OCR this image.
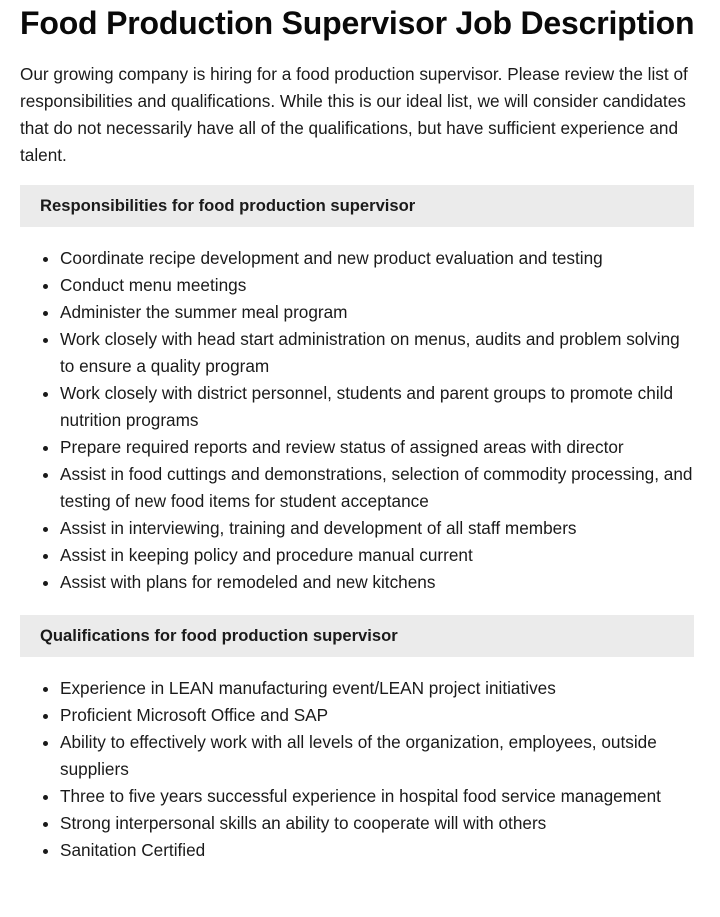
Food Production Supervisor Job Description

Our growing company is hiring for a food production supervisor. Please review the list of responsibilities and qualifications. While this is our ideal list, we will consider candidates that do not necessarily have all of the qualifications, but have sufficient experience and talent.

Responsibilities for food production supervisor
Coordinate recipe development and new product evaluation and testing
Conduct menu meetings
Administer the summer meal program
Work closely with head start administration on menus, audits and problem solving to ensure a quality program
Work closely with district personnel, students and parent groups to promote child nutrition programs
Prepare required reports and review status of assigned areas with director
Assist in food cuttings and demonstrations, selection of commodity processing, and testing of new food items for student acceptance
Assist in interviewing, training and development of all staff members
Assist in keeping policy and procedure manual current
Assist with plans for remodeled and new kitchens
Qualifications for food production supervisor
Experience in LEAN manufacturing event/LEAN project initiatives
Proficient Microsoft Office and SAP
Ability to effectively work with all levels of the organization, employees, outside suppliers
Three to five years successful experience in hospital food service management
Strong interpersonal skills an ability to cooperate will with others
Sanitation Certified
